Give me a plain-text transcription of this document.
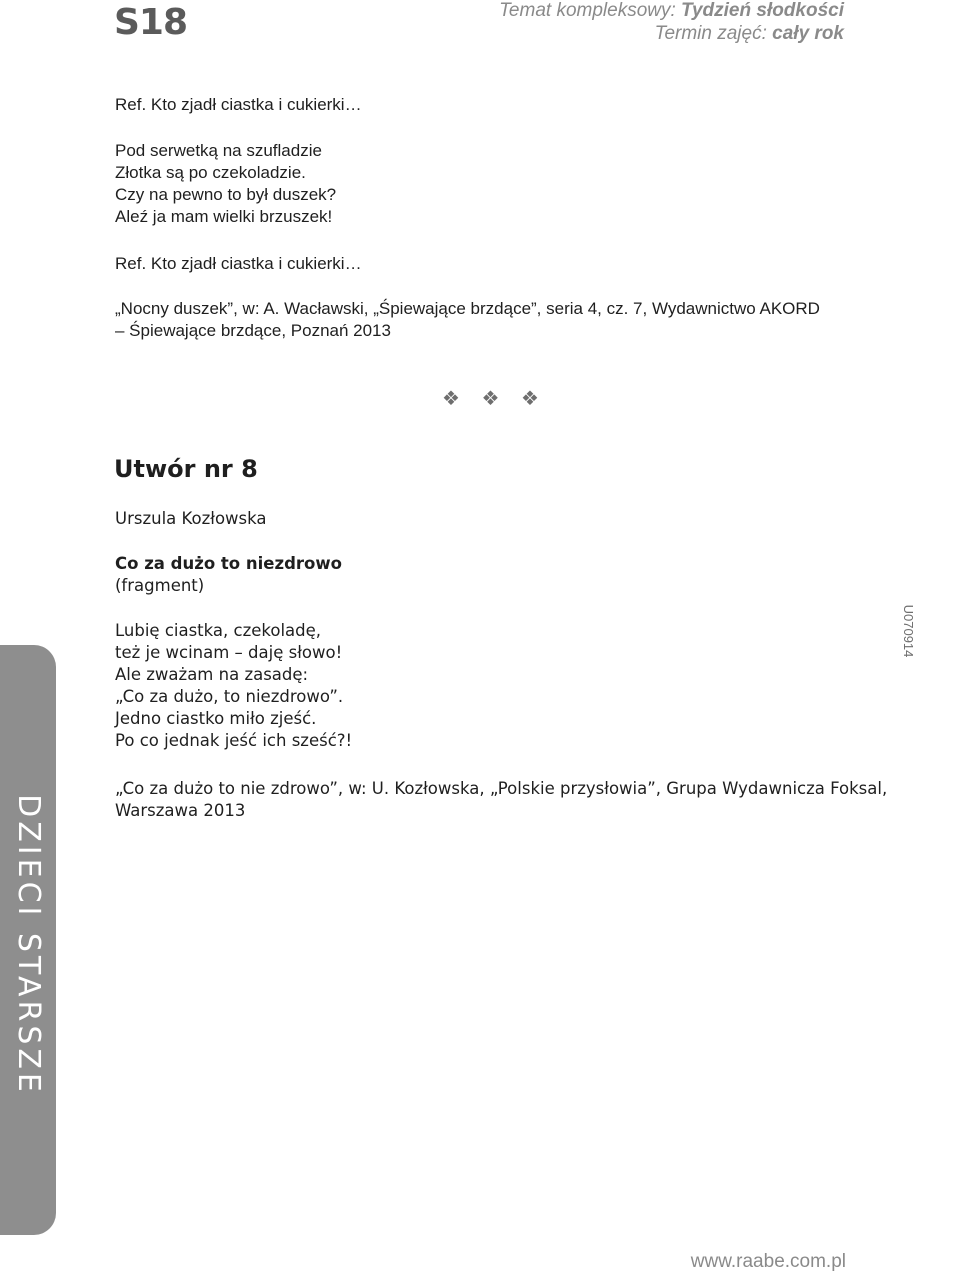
S18	Temat kompleksowy: Tydzień słodkości
Termin zajęć: cały rok
Ref. Kto zjadł ciastka i cukierki…
Pod serwetką na szufladzie
Złotka są po czekoladzie.
Czy na pewno to był duszek?
Aleź ja mam wielki brzuszek!
Ref. Kto zjadł ciastka i cukierki…
„Nocny duszek”, w: A. Wacławski, „Śpiewające brzdące”, seria 4, cz. 7, Wydawnictwo AKORD
– Śpiewające brzdące, Poznań 2013
❖ ❖ ❖
Utwór nr 8
Urszula Kozłowska
Co za dużo to niezdrowo
(fragment)
Lubię ciastka, czekoladę,
też je wcinam – daję słowo!
Ale zważam na zasadę:
„Co za dużo, to niezdrowo”.
Jedno ciastko miło zjeść.
Po co jednak jeść ich sześć?!
„Co za dużo to nie zdrowo”, w: U. Kozłowska, „Polskie przysłowia”, Grupa Wydawnicza Foksal,
Warszawa 2013
DZIECI STARSZE
U070914
www.raabe.com.pl
